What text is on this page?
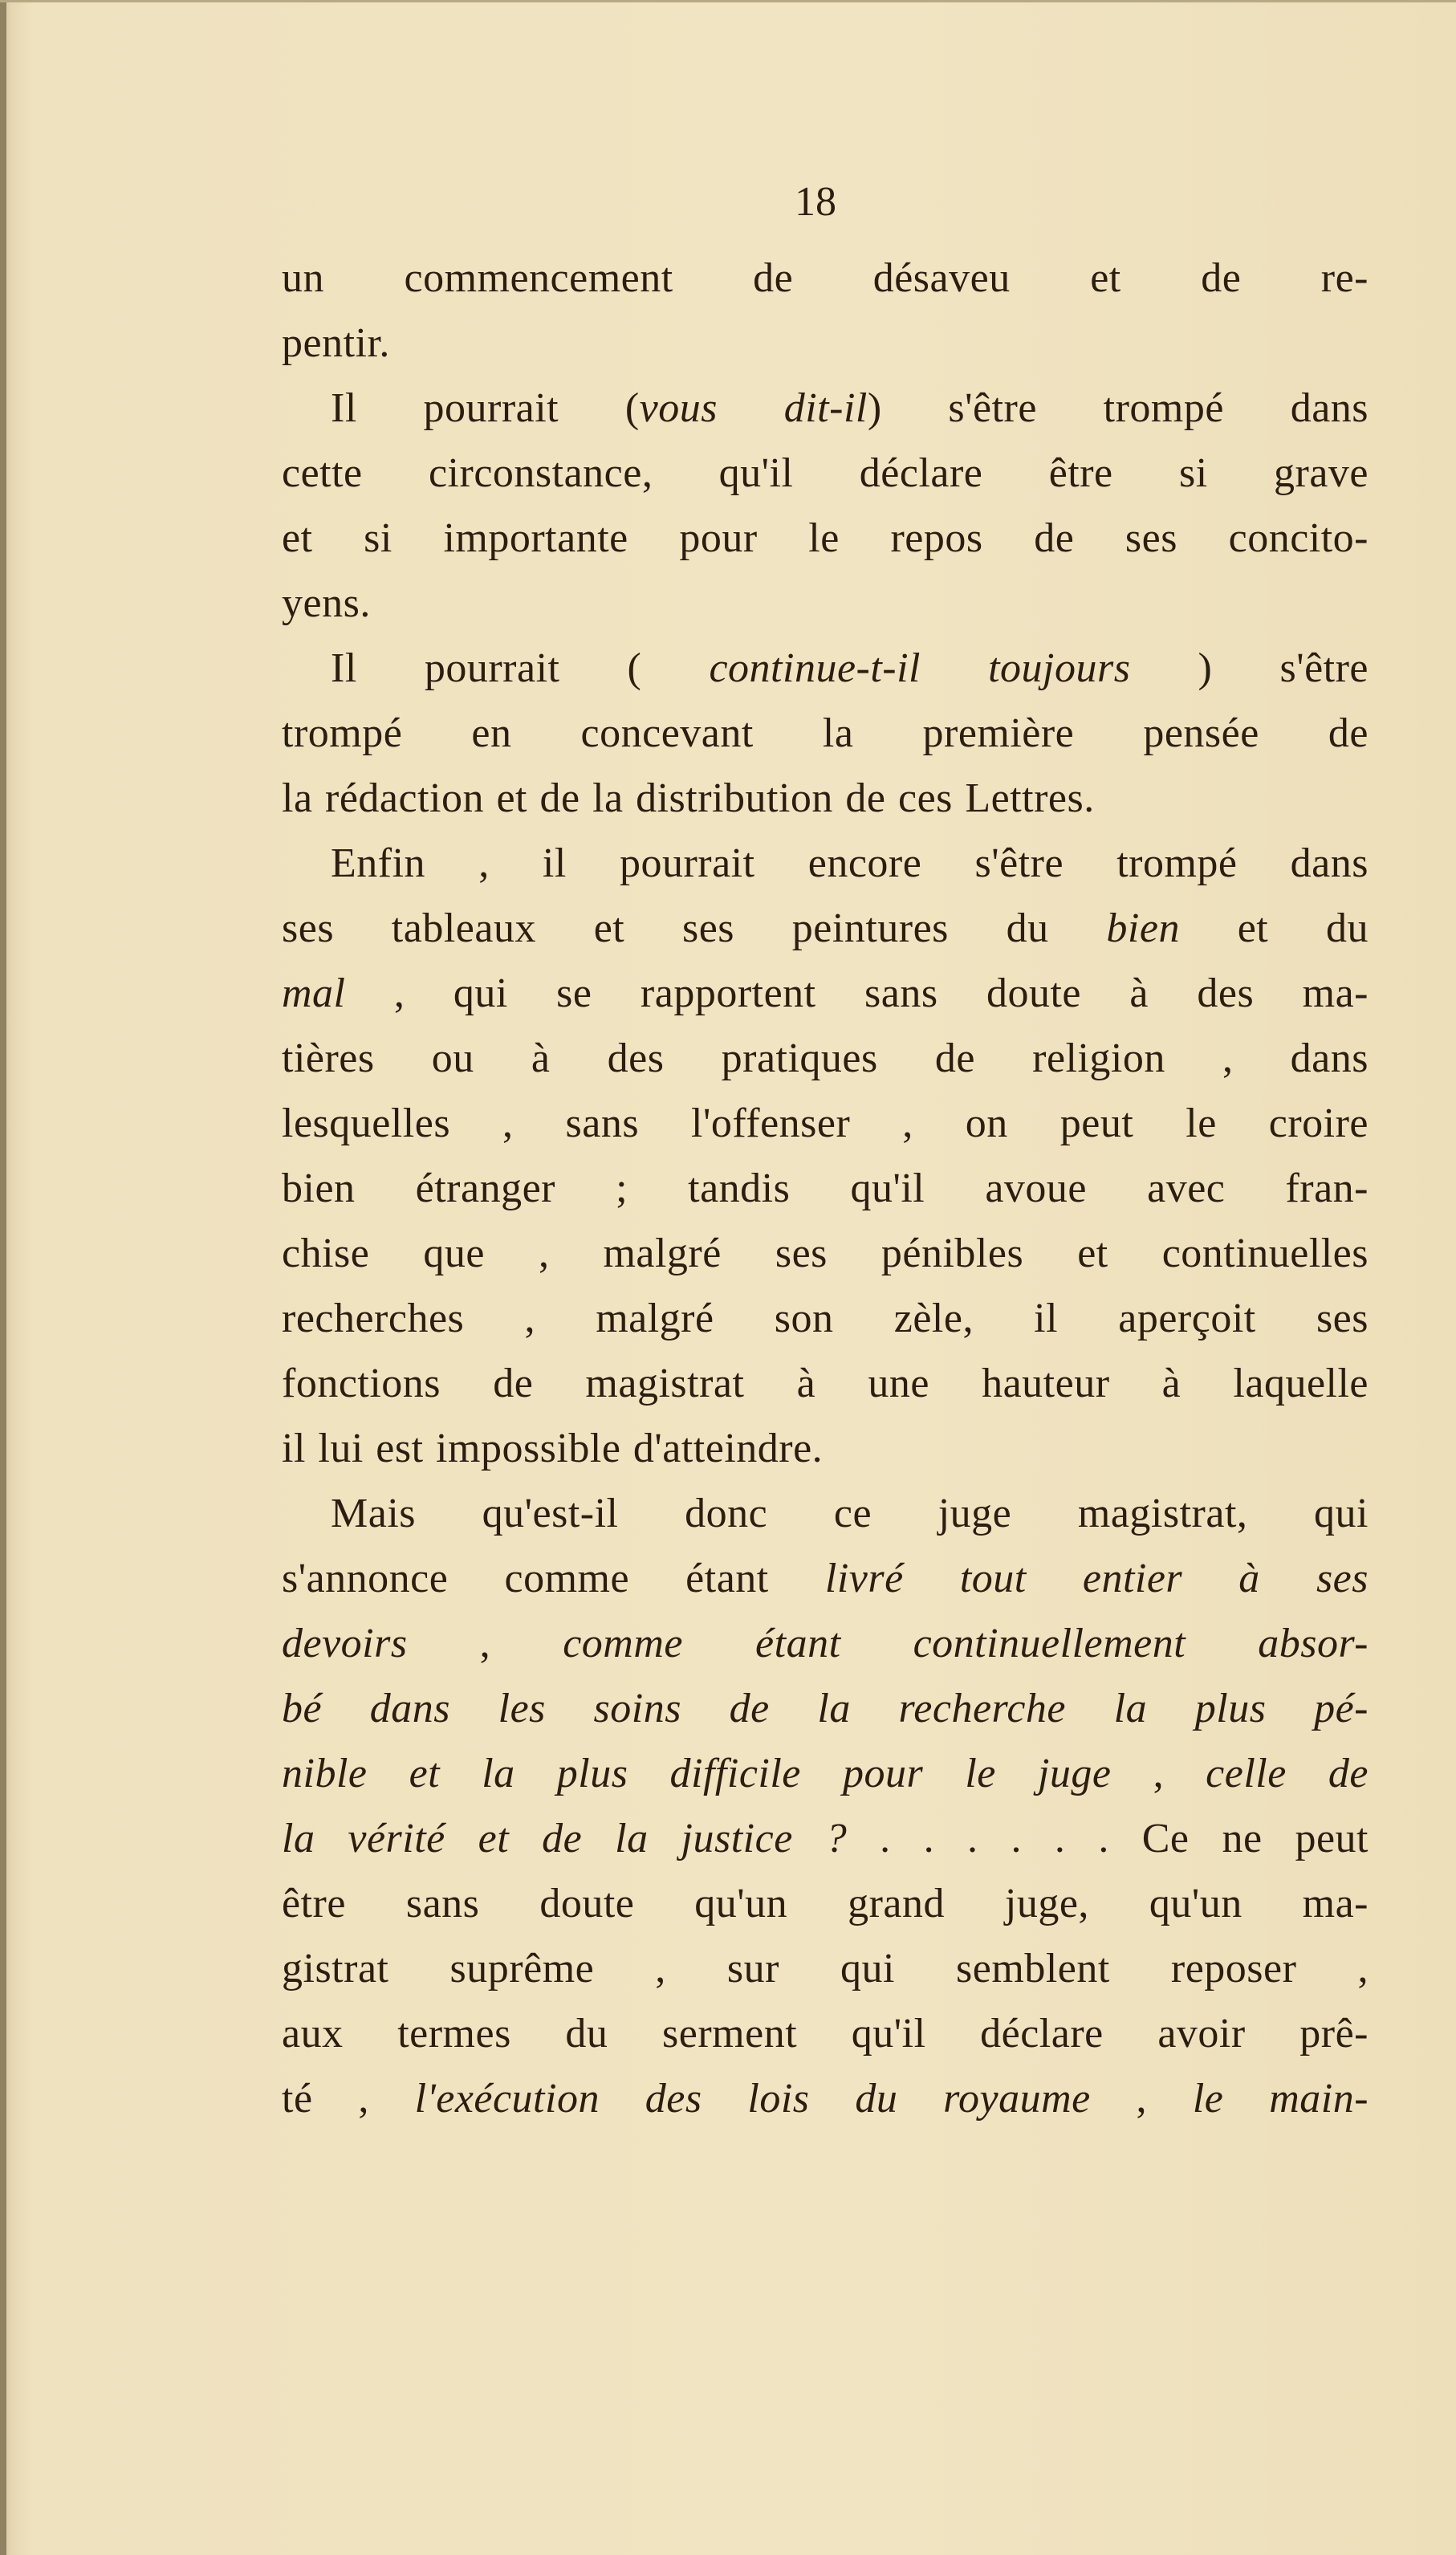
18
un commencement de désaveu et de re-
pentir.
Il pourrait (vous dit-il) s'être trompé dans
cette circonstance, qu'il déclare être si grave
et si importante pour le repos de ses concito-
yens.
Il pourrait ( continue-t-il toujours ) s'être
trompé en concevant la première pensée de
la rédaction et de la distribution de ces Lettres.
Enfin , il pourrait encore s'être trompé dans
ses tableaux et ses peintures du bien et du
mal , qui se rapportent sans doute à des ma-
tières ou à des pratiques de religion , dans
lesquelles , sans l'offenser , on peut le croire
bien étranger ; tandis qu'il avoue avec fran-
chise que , malgré ses pénibles et continuelles
recherches , malgré son zèle, il aperçoit ses
fonctions de magistrat à une hauteur à laquelle
il lui est impossible d'atteindre.
Mais qu'est-il donc ce juge magistrat, qui
s'annonce comme étant livré tout entier à ses
devoirs , comme étant continuellement absor-
bé dans les soins de la recherche la plus pé-
nible et la plus difficile pour le juge , celle de
la vérité et de la justice ? . . . . . . Ce ne peut
être sans doute qu'un grand juge, qu'un ma-
gistrat suprême , sur qui semblent reposer ,
aux termes du serment qu'il déclare avoir prê-
té , l'exécution des lois du royaume , le main-
